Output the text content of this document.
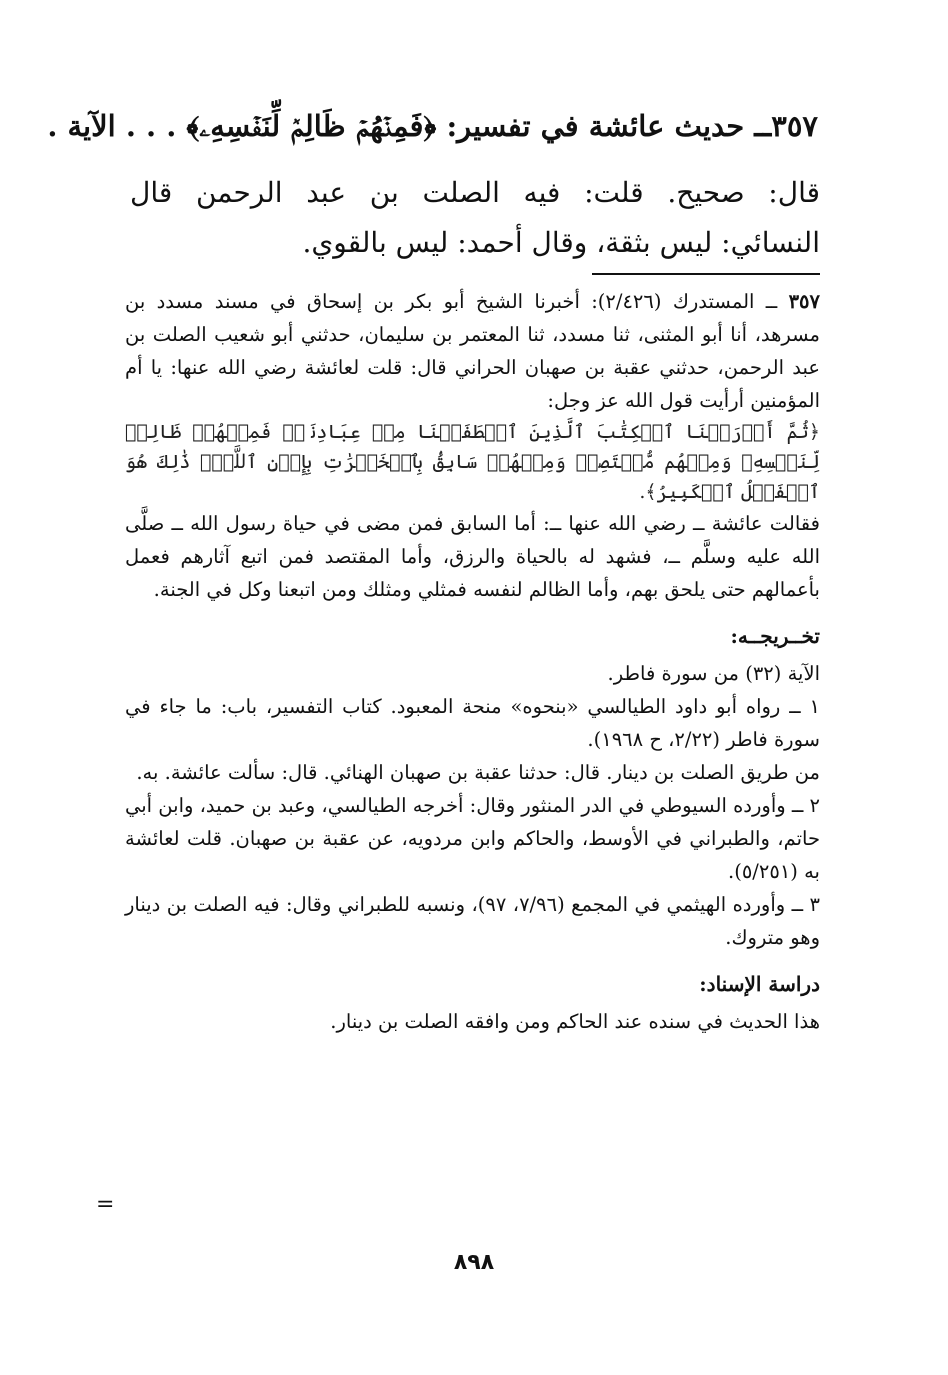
٣٥٧ــ حديث عائشة في تفسير: ﴿فَمِنۡهُمۡ ظَالِمٞ لِّنَفۡسِهِۦ﴾ . . . الآية .
قال: صحيح. قلت: فيه الصلت بن عبد الرحمن قال
النسائي: ليس بثقة، وقال أحمد: ليس بالقوي.

٣٥٧ ــ المستدرك (٢/٤٢٦): أخبرنا الشيخ أبو بكر بن إسحاق في مسند مسدد بن مسرهد، أنا أبو المثنى، ثنا مسدد، ثنا المعتمر بن سليمان، حدثني أبو شعيب الصلت بن عبد الرحمن، حدثني عقبة بن صهبان الحراني قال: قلت لعائشة رضي الله عنها: يا أم المؤمنين أرأيت قول الله عز وجل:

﴿ثُمَّ أَوۡرَثۡنَا ٱلۡكِتَٰبَ ٱلَّذِينَ ٱصۡطَفَيۡنَا مِنۡ عِبَادِنَاۖ فَمِنۡهُمۡ ظَالِمٞ لِّنَفۡسِهِۦ وَمِنۡهُم مُّقۡتَصِدٞ وَمِنۡهُمۡ سَابِقُۢ بِٱلۡخَيۡرَٰتِ بِإِذۡنِ ٱللَّهِۚ ذَٰلِكَ هُوَ ٱلۡفَضۡلُ ٱلۡكَبِيرُ﴾.

فقالت عائشة ــ رضي الله عنها ــ: أما السابق فمن مضى في حياة رسول الله ــ صلَّى الله عليه وسلَّم ــ، فشهد له بالحياة والرزق، وأما المقتصد فمن اتبع آثارهم فعمل بأعمالهم حتى يلحق بهم، وأما الظالم لنفسه فمثلي ومثلك ومن اتبعنا وكل في الجنة.

تخــريجــه:

الآية (٣٢) من سورة فاطر.

١ ــ رواه أبو داود الطيالسي «بنحوه» منحة المعبود. كتاب التفسير، باب: ما جاء في سورة فاطر (٢/٢٢، ح ١٩٦٨).

من طريق الصلت بن دينار. قال: حدثنا عقبة بن صهبان الهنائي. قال: سألت عائشة. به.

٢ ــ وأورده السيوطي في الدر المنثور وقال: أخرجه الطيالسي، وعبد بن حميد، وابن أبي حاتم، والطبراني في الأوسط، والحاكم وابن مردويه، عن عقبة بن صهبان. قلت لعائشة به (٥/٢٥١).

٣ ــ وأورده الهيثمي في المجمع (٧/٩٦، ٩٧)، ونسبه للطبراني وقال: فيه الصلت بن دينار وهو متروك.

دراسة الإسناد:

هذا الحديث في سنده عند الحاكم ومن وافقه الصلت بن دينار.

=
٨٩٨
